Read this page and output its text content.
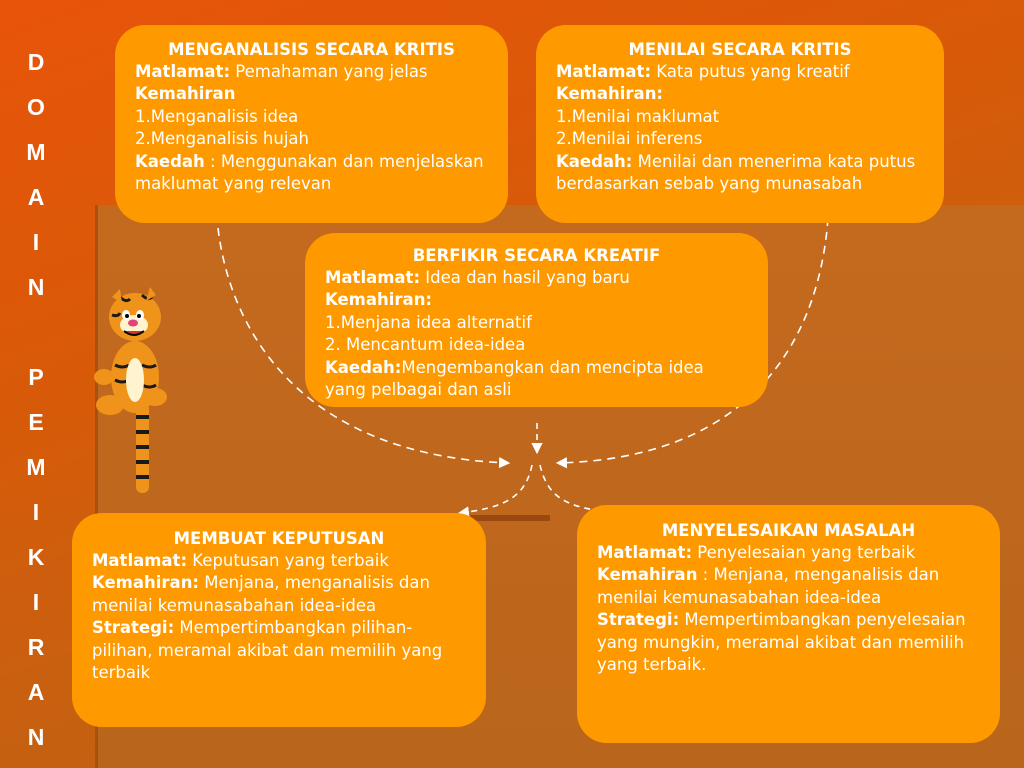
D
O
M
A
I
N
P
E
M
I
K
I
R
A
N
MENGANALISIS SECARA KRITIS

Matlamat: Pemahaman yang jelas

Kemahiran

1.Menganalisis idea

2.Menganalisis hujah

Kaedah : Menggunakan dan menjelaskan maklumat yang relevan

MENILAI SECARA KRITIS

Matlamat: Kata putus yang kreatif

Kemahiran:

1.Menilai maklumat

2.Menilai inferens

Kaedah: Menilai dan menerima kata putus berdasarkan sebab yang munasabah

BERFIKIR SECARA KREATIF

Matlamat: Idea dan hasil yang baru

Kemahiran:

1.Menjana idea alternatif

2. Mencantum idea-idea

Kaedah:Mengembangkan dan mencipta idea yang pelbagai dan asli

MEMBUAT KEPUTUSAN

Matlamat: Keputusan yang terbaik

Kemahiran: Menjana, menganalisis dan menilai kemunasabahan idea-idea

Strategi: Mempertimbangkan pilihan-pilihan, meramal akibat dan memilih yang terbaik

MENYELESAIKAN MASALAH

Matlamat: Penyelesaian yang terbaik

Kemahiran : Menjana, menganalisis dan menilai kemunasabahan idea-idea

Strategi: Mempertimbangkan penyelesaian yang mungkin, meramal akibat dan memilih yang terbaik.
